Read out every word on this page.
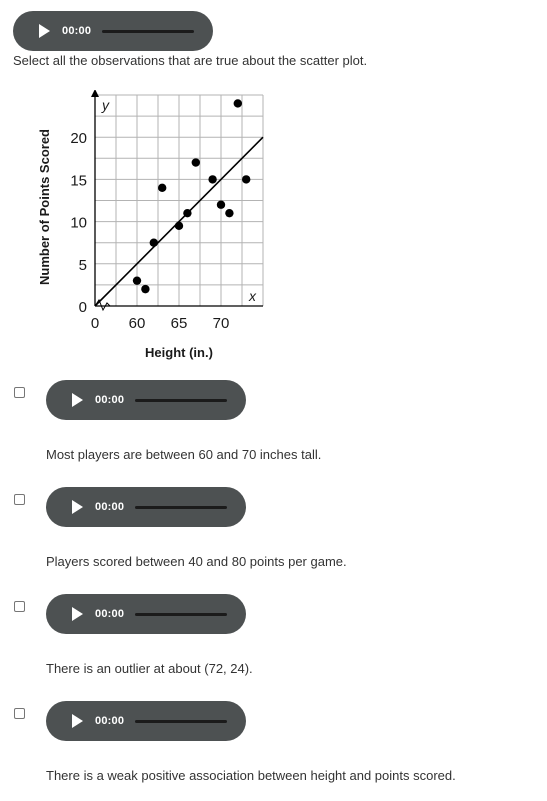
00:00
Select all the observations that are true about the scatter plot.
0
5
10
15
20
0 60 65 70
Number of Points Scored
Height (in.)
x
y
00:00
Most players are between 60 and 70 inches tall.
00:00
Players scored between 40 and 80 points per game.
00:00
There is an outlier at about (72, 24).
00:00
There is a weak positive association between height and points scored.
